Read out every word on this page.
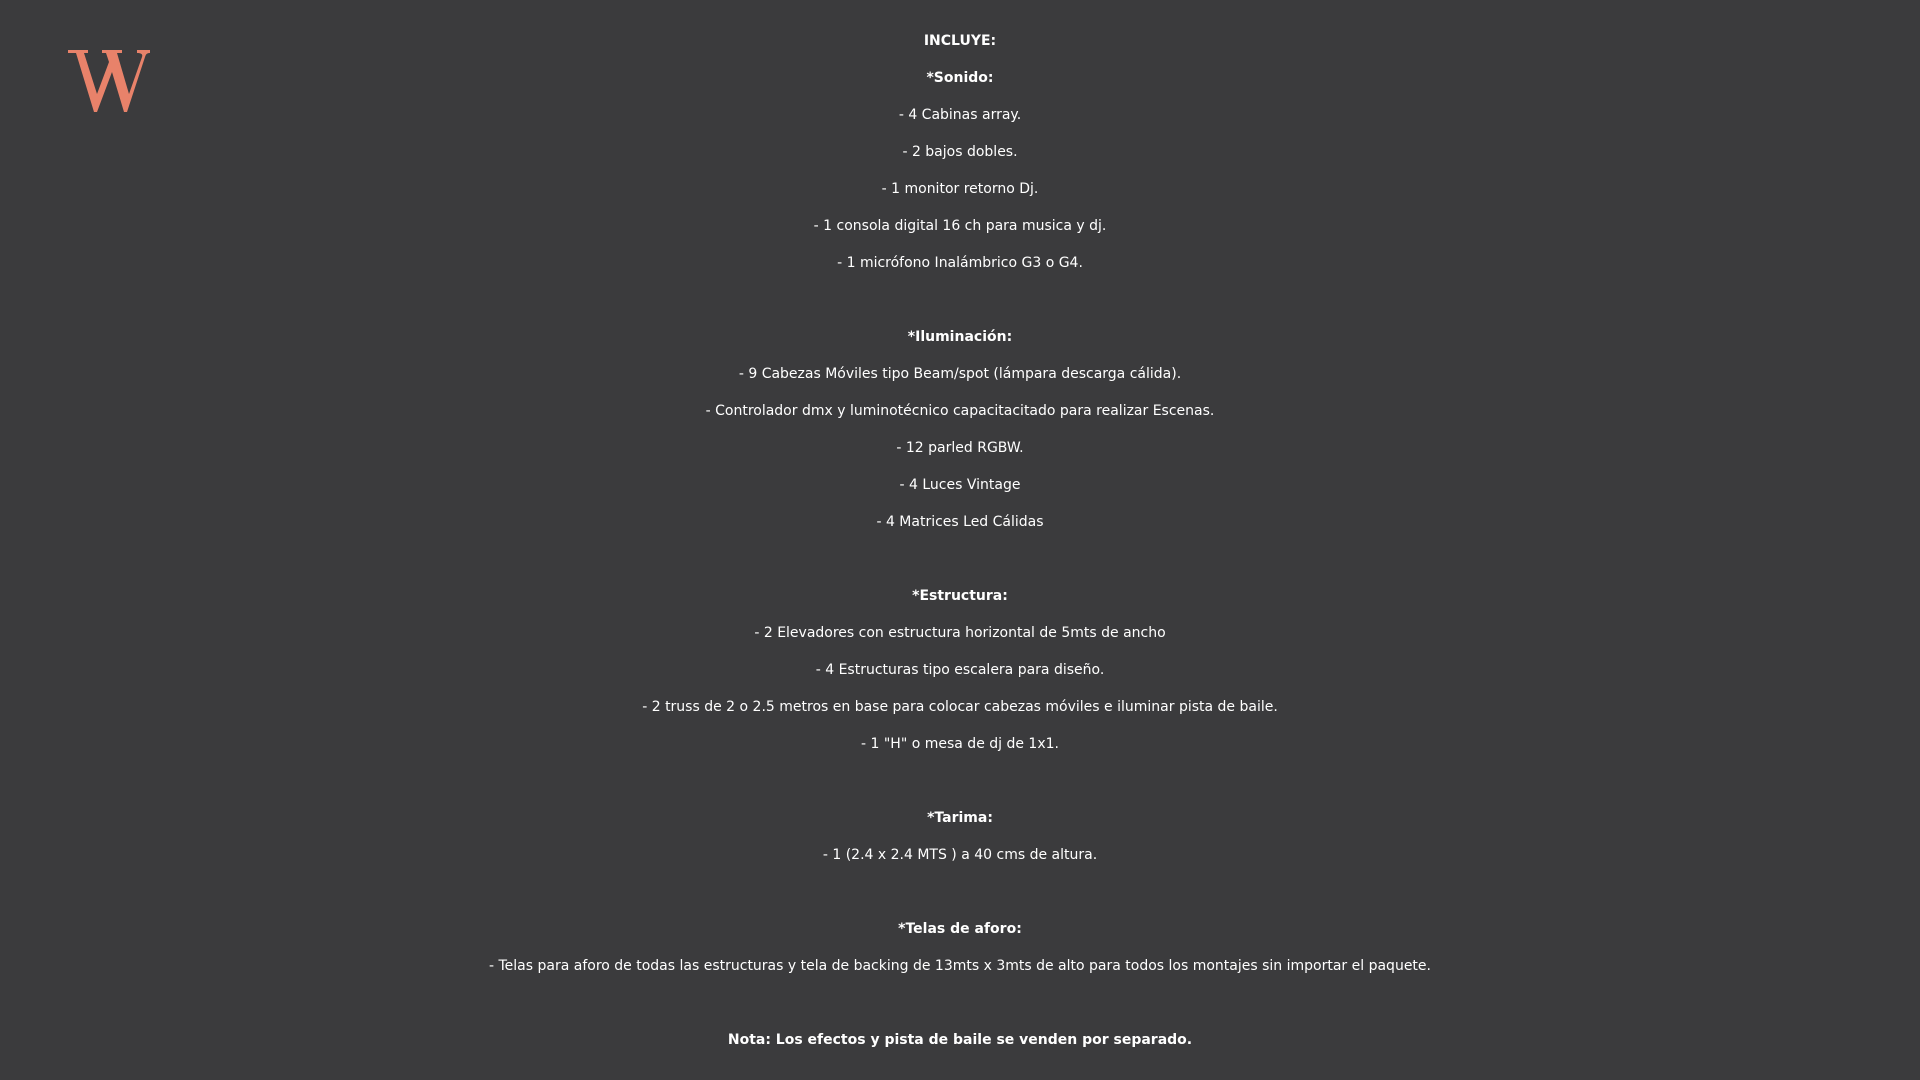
INCLUYE:
*Sonido:
- 4 Cabinas array.
- 2 bajos dobles.
- 1 monitor retorno Dj.
- 1 consola digital 16 ch para musica y dj.
- 1 micrófono Inalámbrico G3 o G4.
*Iluminación:
- 9 Cabezas Móviles tipo Beam/spot (lámpara descarga cálida).
- Controlador dmx y luminotécnico capacitacitado para realizar Escenas.
- 12 parled RGBW.
- 4 Luces Vintage
- 4 Matrices Led Cálidas
*Estructura:
- 2 Elevadores con estructura horizontal de 5mts de ancho
- 4 Estructuras tipo escalera para diseño.
- 2 truss de 2 o 2.5 metros en base para colocar cabezas móviles e iluminar pista de baile.
- 1 "H" o mesa de dj de 1x1.
*Tarima:
- 1 (2.4 x 2.4 MTS ) a 40 cms de altura.
*Telas de aforo:
- Telas para aforo de todas las estructuras y tela de backing de 13mts x 3mts de alto para todos los montajes sin importar el paquete.
Nota: Los efectos y pista de baile se venden por separado.
